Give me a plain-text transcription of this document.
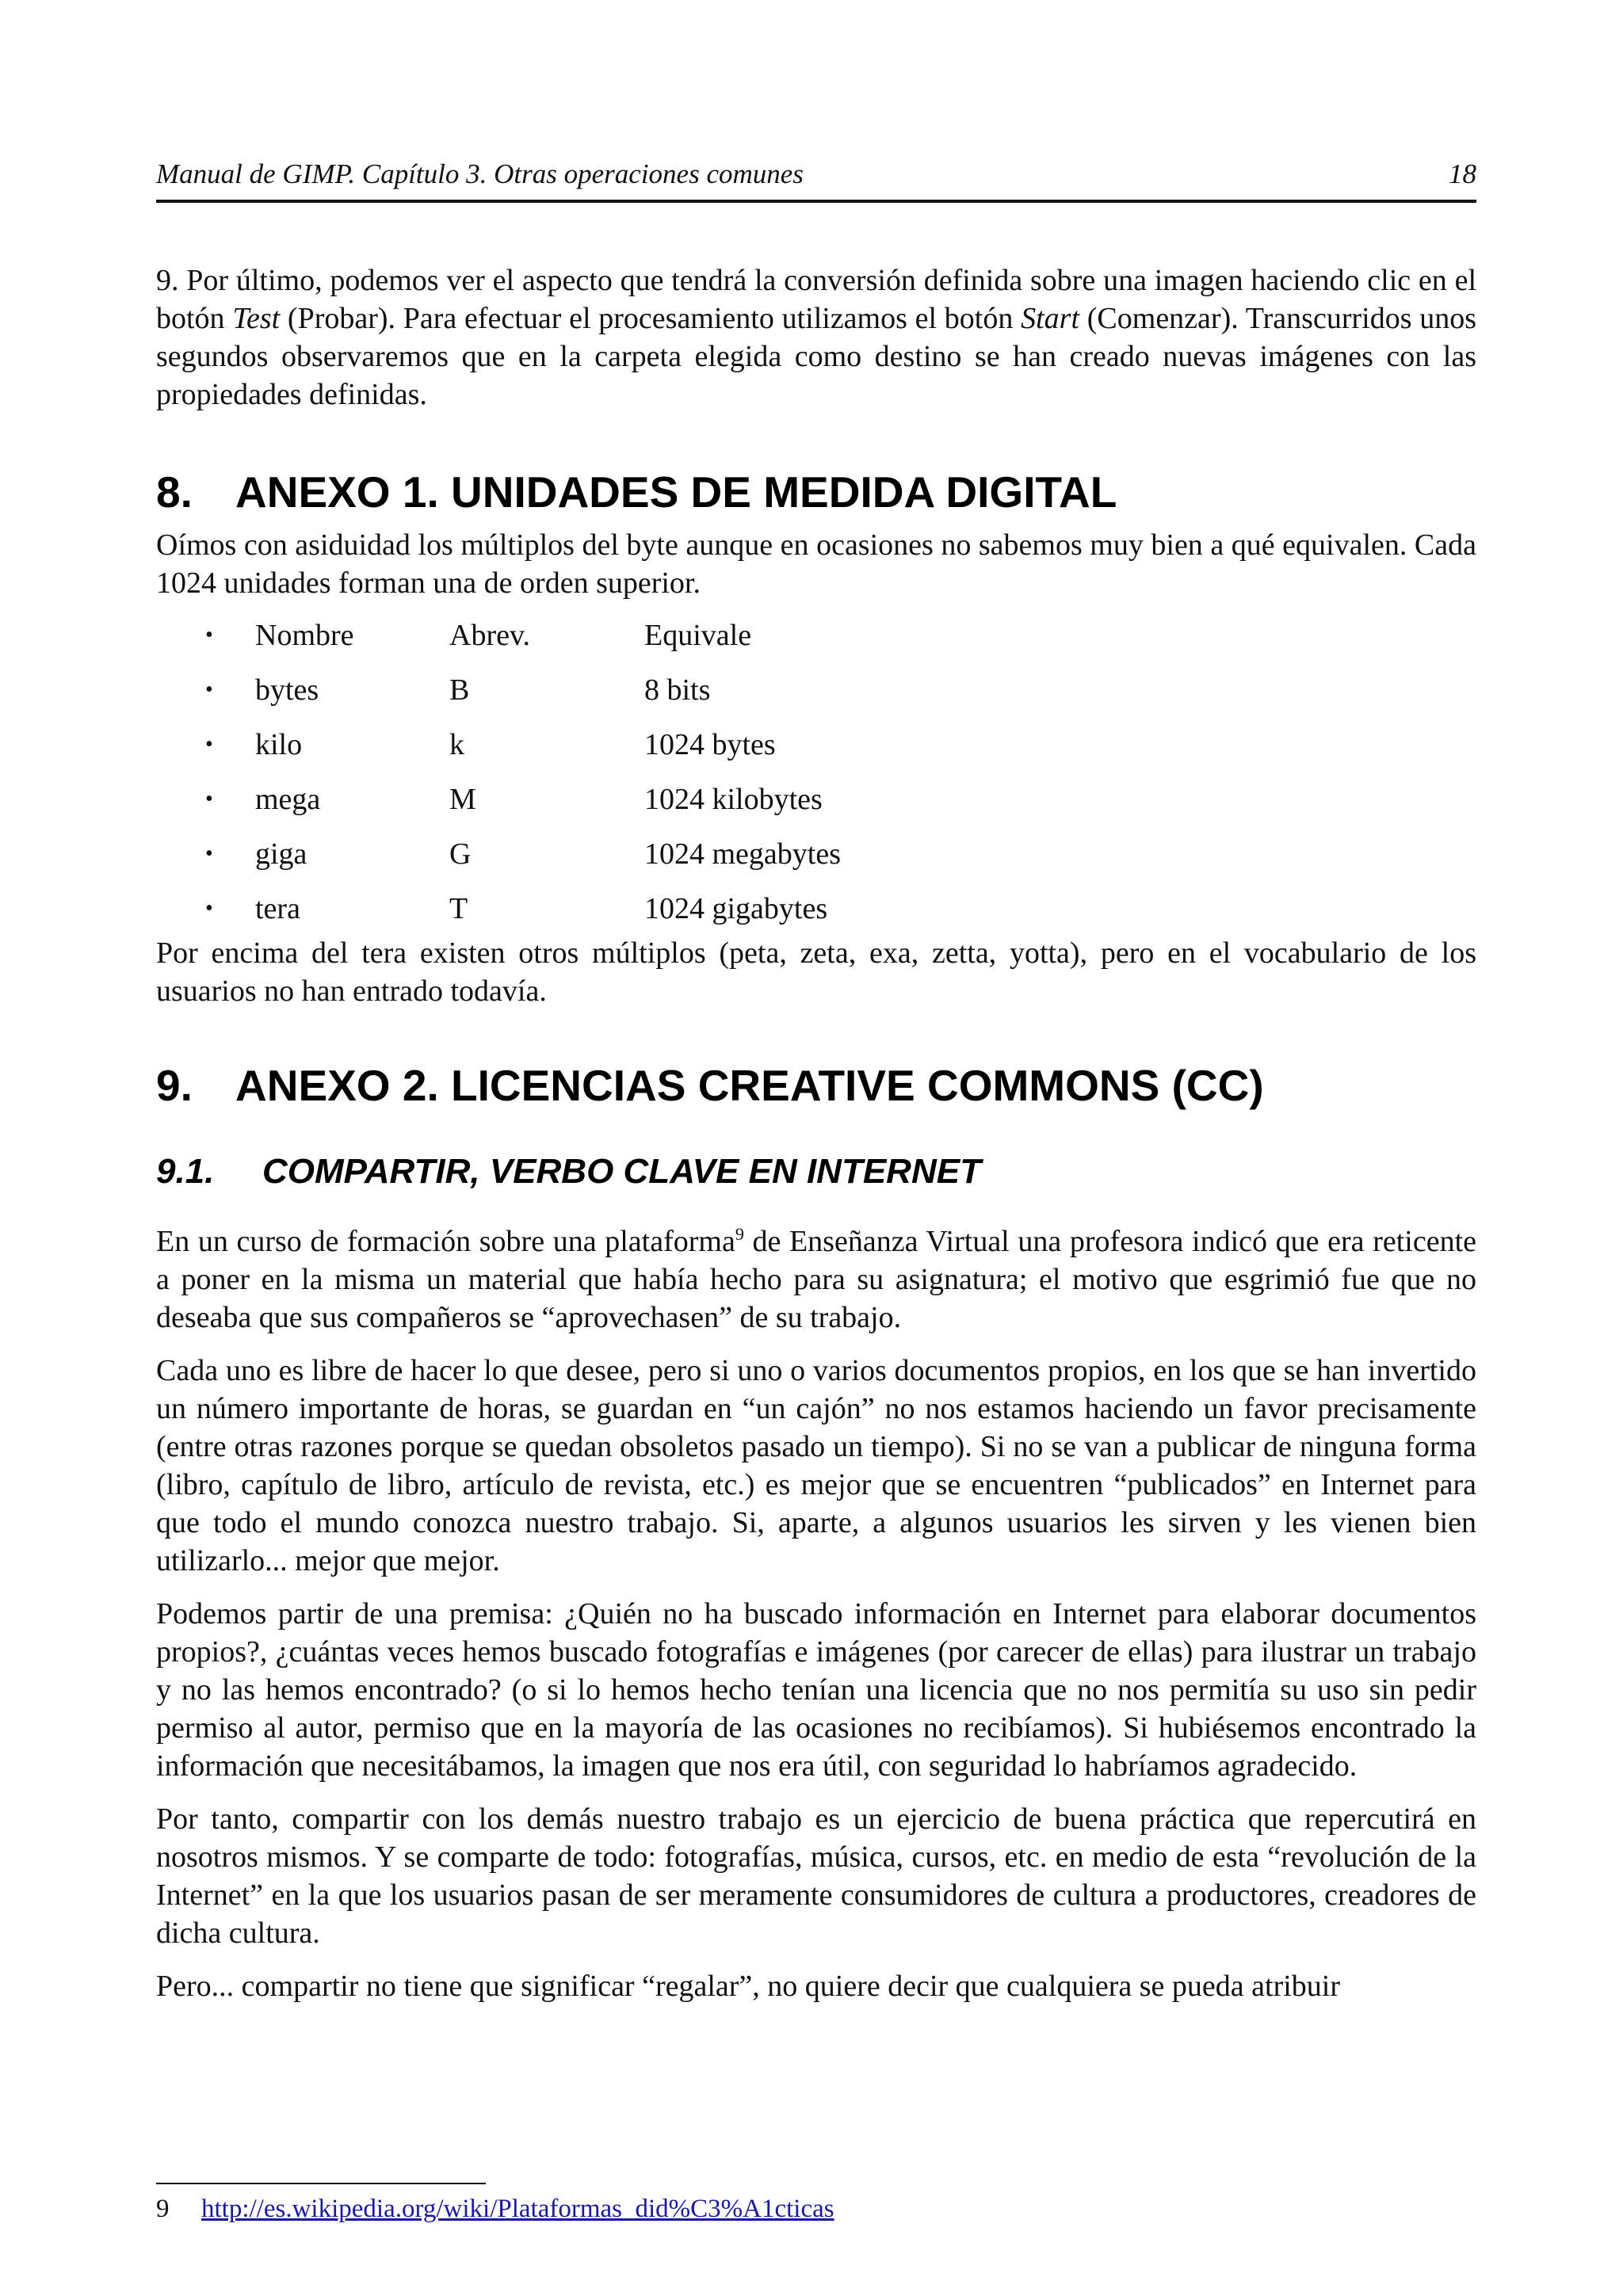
Manual de GIMP. Capítulo 3. Otras operaciones comunes	18

9. Por último, podemos ver el aspecto que tendrá la conversión definida sobre una imagen haciendo clic en el botón Test (Probar). Para efectuar el procesamiento utilizamos el botón Start (Comenzar). Transcurridos unos segundos observaremos que en la carpeta elegida como destino se han creado nuevas imágenes con las propiedades definidas.

8. ANEXO 1. UNIDADES DE MEDIDA DIGITAL

Oímos con asiduidad los múltiplos del byte aunque en ocasiones no sabemos muy bien a qué equivalen. Cada 1024 unidades forman una de orden superior.

• Nombre	Abrev.	Equivale
• bytes	B	8 bits
• kilo	k	1024 bytes
• mega	M	1024 kilobytes
• giga	G	1024 megabytes
• tera	T	1024 gigabytes

Por encima del tera existen otros múltiplos (peta, zeta, exa, zetta, yotta), pero en el vocabulario de los usuarios no han entrado todavía.

9. ANEXO 2. LICENCIAS CREATIVE COMMONS (CC)
9.1. COMPARTIR, VERBO CLAVE EN INTERNET

En un curso de formación sobre una plataforma$^9$ de Enseñanza Virtual una profesora indicó que era reticente a poner en la misma un material que había hecho para su asignatura; el motivo que esgrimió fue que no deseaba que sus compañeros se “aprovechasen” de su trabajo.

Cada uno es libre de hacer lo que desee, pero si uno o varios documentos propios, en los que se han invertido un número importante de horas, se guardan en “un cajón” no nos estamos haciendo un favor precisamente (entre otras razones porque se quedan obsoletos pasado un tiempo). Si no se van a publicar de ninguna forma (libro, capítulo de libro, artículo de revista, etc.) es mejor que se encuentren “publicados” en Internet para que todo el mundo conozca nuestro trabajo. Si, aparte, a algunos usuarios les sirven y les vienen bien utilizarlo... mejor que mejor.

Podemos partir de una premisa: ¿Quién no ha buscado información en Internet para elaborar documentos propios?, ¿cuántas veces hemos buscado fotografías e imágenes (por carecer de ellas) para ilustrar un trabajo y no las hemos encontrado? (o si lo hemos hecho tenían una licencia que no nos permitía su uso sin pedir permiso al autor, permiso que en la mayoría de las ocasiones no recibíamos). Si hubiésemos encontrado la información que necesitábamos, la imagen que nos era útil, con seguridad lo habríamos agradecido.

Por tanto, compartir con los demás nuestro trabajo es un ejercicio de buena práctica que repercutirá en nosotros mismos. Y se comparte de todo: fotografías, música, cursos, etc. en medio de esta “revolución de la Internet” en la que los usuarios pasan de ser meramente consumidores de cultura a productores, creadores de dicha cultura.

Pero... compartir no tiene que significar “regalar”, no quiere decir que cualquiera se pueda atribuir

9 http://es.wikipedia.org/wiki/Plataformas_did%C3%A1cticas
